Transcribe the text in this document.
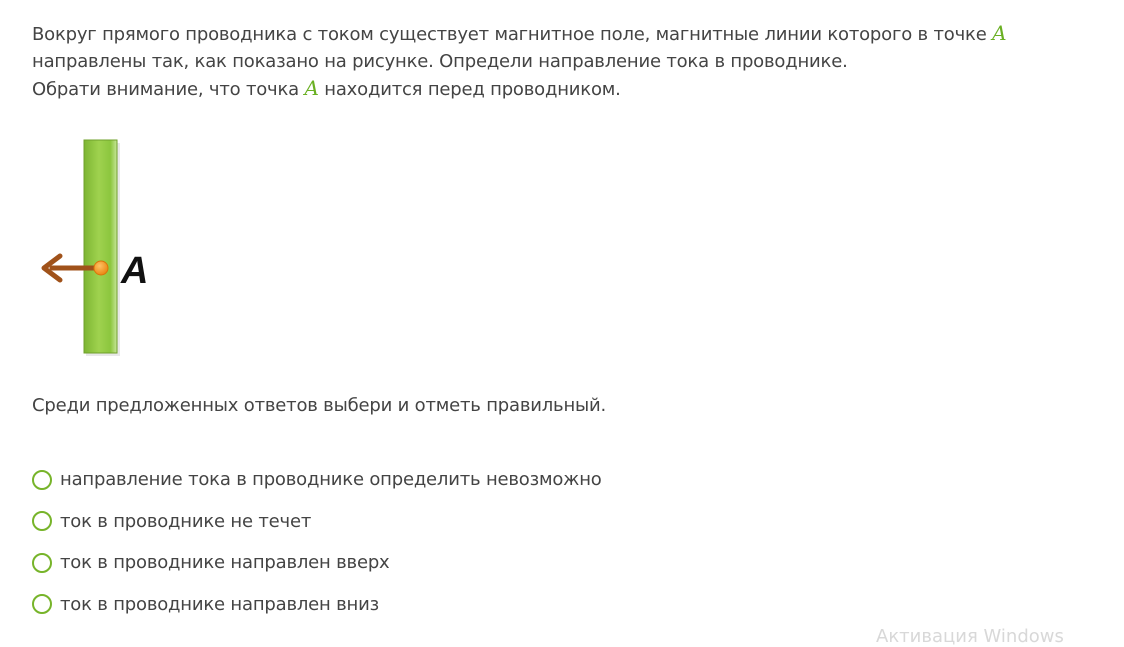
Вокруг прямого проводника с током существует магнитное поле, магнитные линии которого в точке A

направлены так, как показано на рисунке. Определи направление тока в проводнике.

Обрати внимание, что точка A находится перед проводником.

A
Среди предложенных ответов выбери и отметь правильный.
направление тока в проводнике определить невозможно
ток в проводнике не течет
ток в проводнике направлен вверх
ток в проводнике направлен вниз
Активация Windows
